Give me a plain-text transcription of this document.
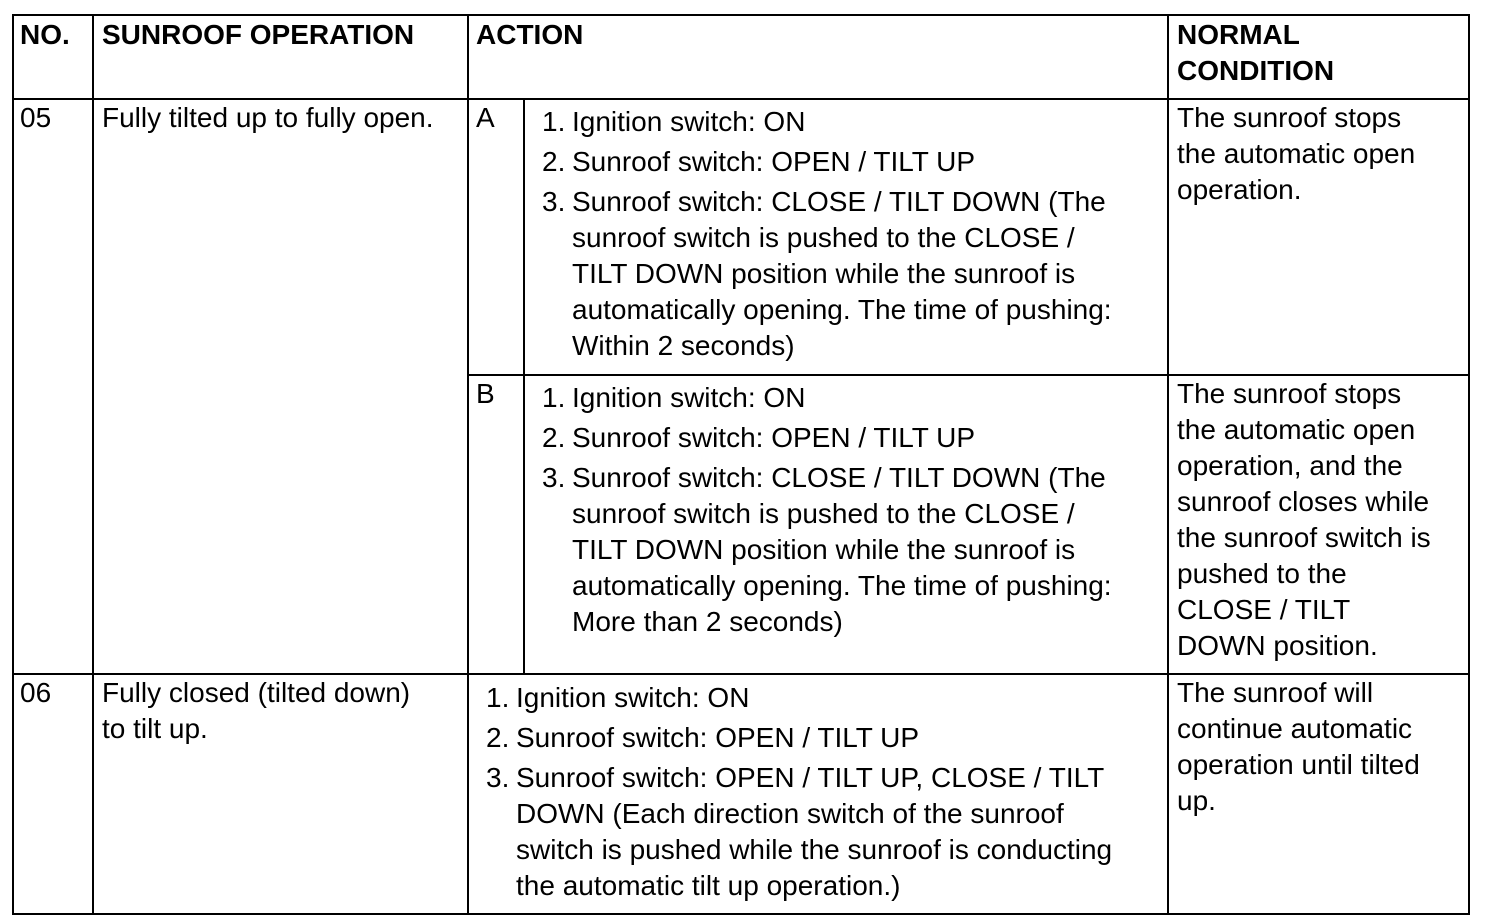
NO. SUNROOF OPERATION ACTION	NORMAL
CONDITION
05 Fully tilted up to fully open. A 1. Ignition switch: ON
2. Sunroof switch: OPEN / TILT UP
3. Sunroof switch: CLOSE / TILT DOWN (The
sunroof switch is pushed to the CLOSE /
TILT DOWN position while the sunroof is
automatically opening. The time of pushing:
Within 2 seconds)
The sunroof stops
the automatic open
operation.
B 1. Ignition switch: ON
2. Sunroof switch: OPEN / TILT UP
3. Sunroof switch: CLOSE / TILT DOWN (The
sunroof switch is pushed to the CLOSE /
TILT DOWN position while the sunroof is
automatically opening. The time of pushing:
More than 2 seconds)
The sunroof stops
the automatic open
operation, and the
sunroof closes while
the sunroof switch is
pushed to the
CLOSE / TILT
DOWN position.
06 Fully closed (tilted down)
to tilt up.
1. Ignition switch: ON
2. Sunroof switch: OPEN / TILT UP
3. Sunroof switch: OPEN / TILT UP, CLOSE / TILT
DOWN (Each direction switch of the sunroof
switch is pushed while the sunroof is conducting
the automatic tilt up operation.)
The sunroof will
continue automatic
operation until tilted
up.
